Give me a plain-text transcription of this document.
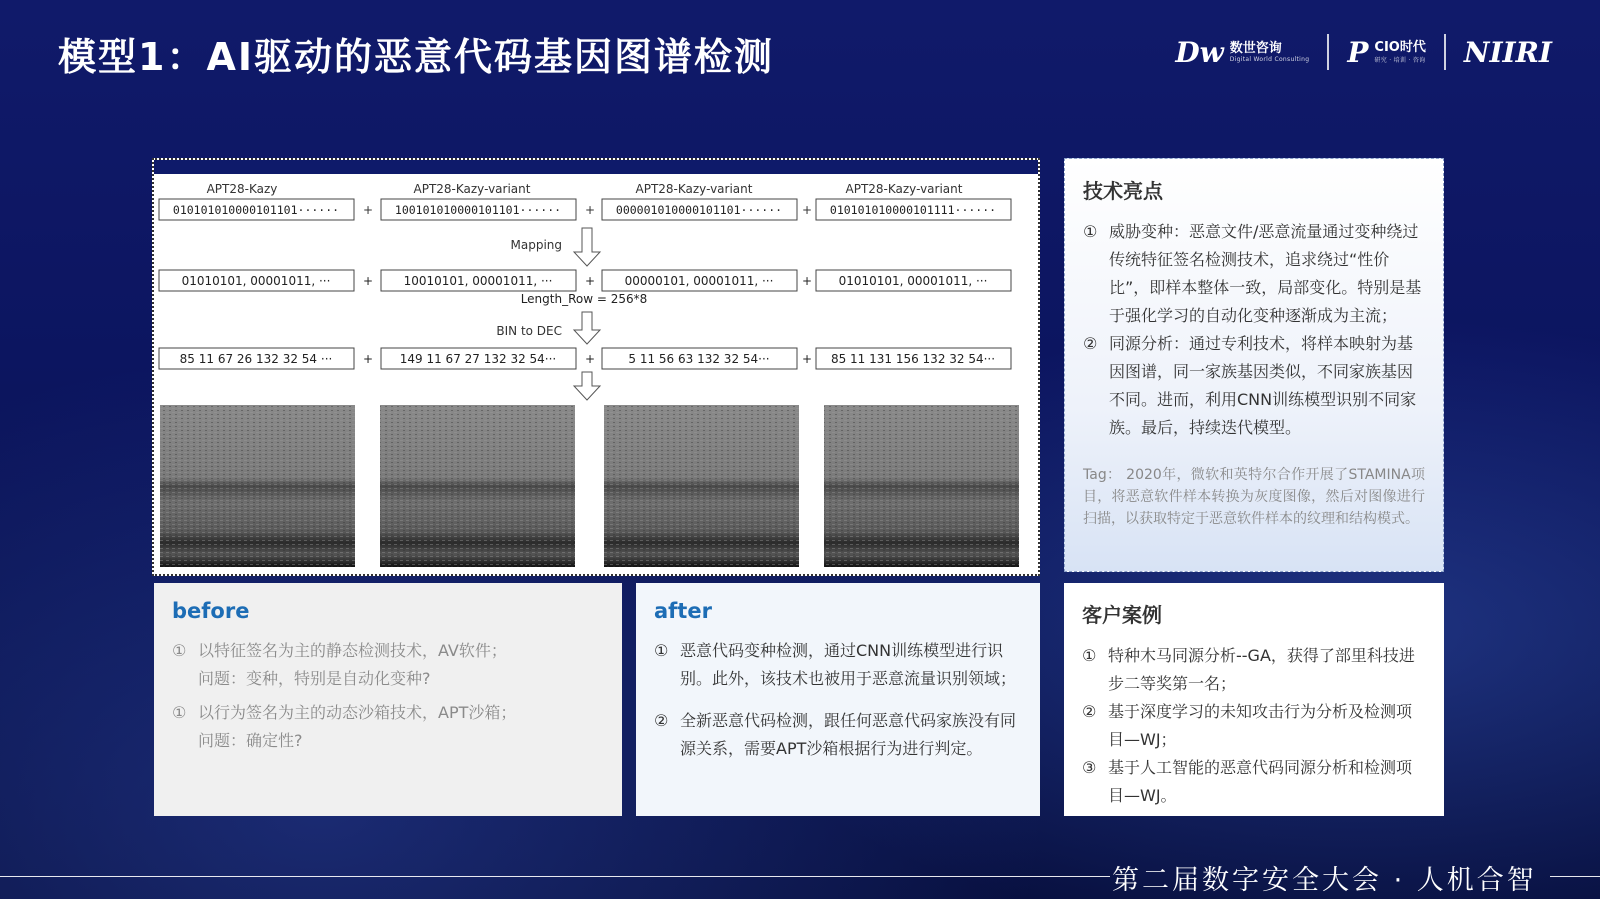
模型1：AI驱动的恶意代码基因图谱检测	Dw 数世咨询
Digital World Consulting P CIO时代
研究 · 培训 · 咨询 NIIRI
APT28-Kazy	APT28-Kazy-variant	APT28-Kazy-variant	APT28-Kazy-variant
010101010000101101······	100101010000101101······	000001010000101101······	010101010000101111······
+	+	+
Mapping
01010101, 00001011, ···	10010101, 00001011, ···	00000101, 00001011, ···	01010101, 00001011, ···
+	+	+
Length_Row = 256*8
BIN to DEC
85 11 67 26 132 32 54 ···	149 11 67 27 132 32 54···	5 11 56 63 132 32 54···	85 11 131 156 132 32 54···
+	+	+
before
① 以特征签名为主的静态检测技术，AV软件；
问题：变种，特别是自动化变种?
① 以行为签名为主的动态沙箱技术，APT沙箱；
问题：确定性?
after
① 恶意代码变种检测，通过CNN训练模型进行识别。此外，该技术也被用于恶意流量识别领域；
② 全新恶意代码检测，跟任何恶意代码家族没有同源关系，需要APT沙箱根据行为进行判定。
技术亮点
① 威胁变种：恶意文件/恶意流量通过变种绕过传统特征签名检测技术，追求绕过“性价比”，即样本整体一致，局部变化。特别是基于强化学习的自动化变种逐渐成为主流；
② 同源分析：通过专利技术，将样本映射为基因图谱，同一家族基因类似，不同家族基因不同。进而，利用CNN训练模型识别不同家族。最后，持续迭代模型。
Tag： 2020年，微软和英特尔合作开展了STAMINA项目，将恶意软件样本转换为灰度图像，然后对图像进行扫描，以获取特定于恶意软件样本的纹理和结构模式。
客户案例
① 特种木马同源分析--GA，获得了部里科技进步二等奖第一名；
② 基于深度学习的未知攻击行为分析及检测项目—WJ；
③ 基于人工智能的恶意代码同源分析和检测项目—WJ。
第二届数字安全大会 · 人机合智
